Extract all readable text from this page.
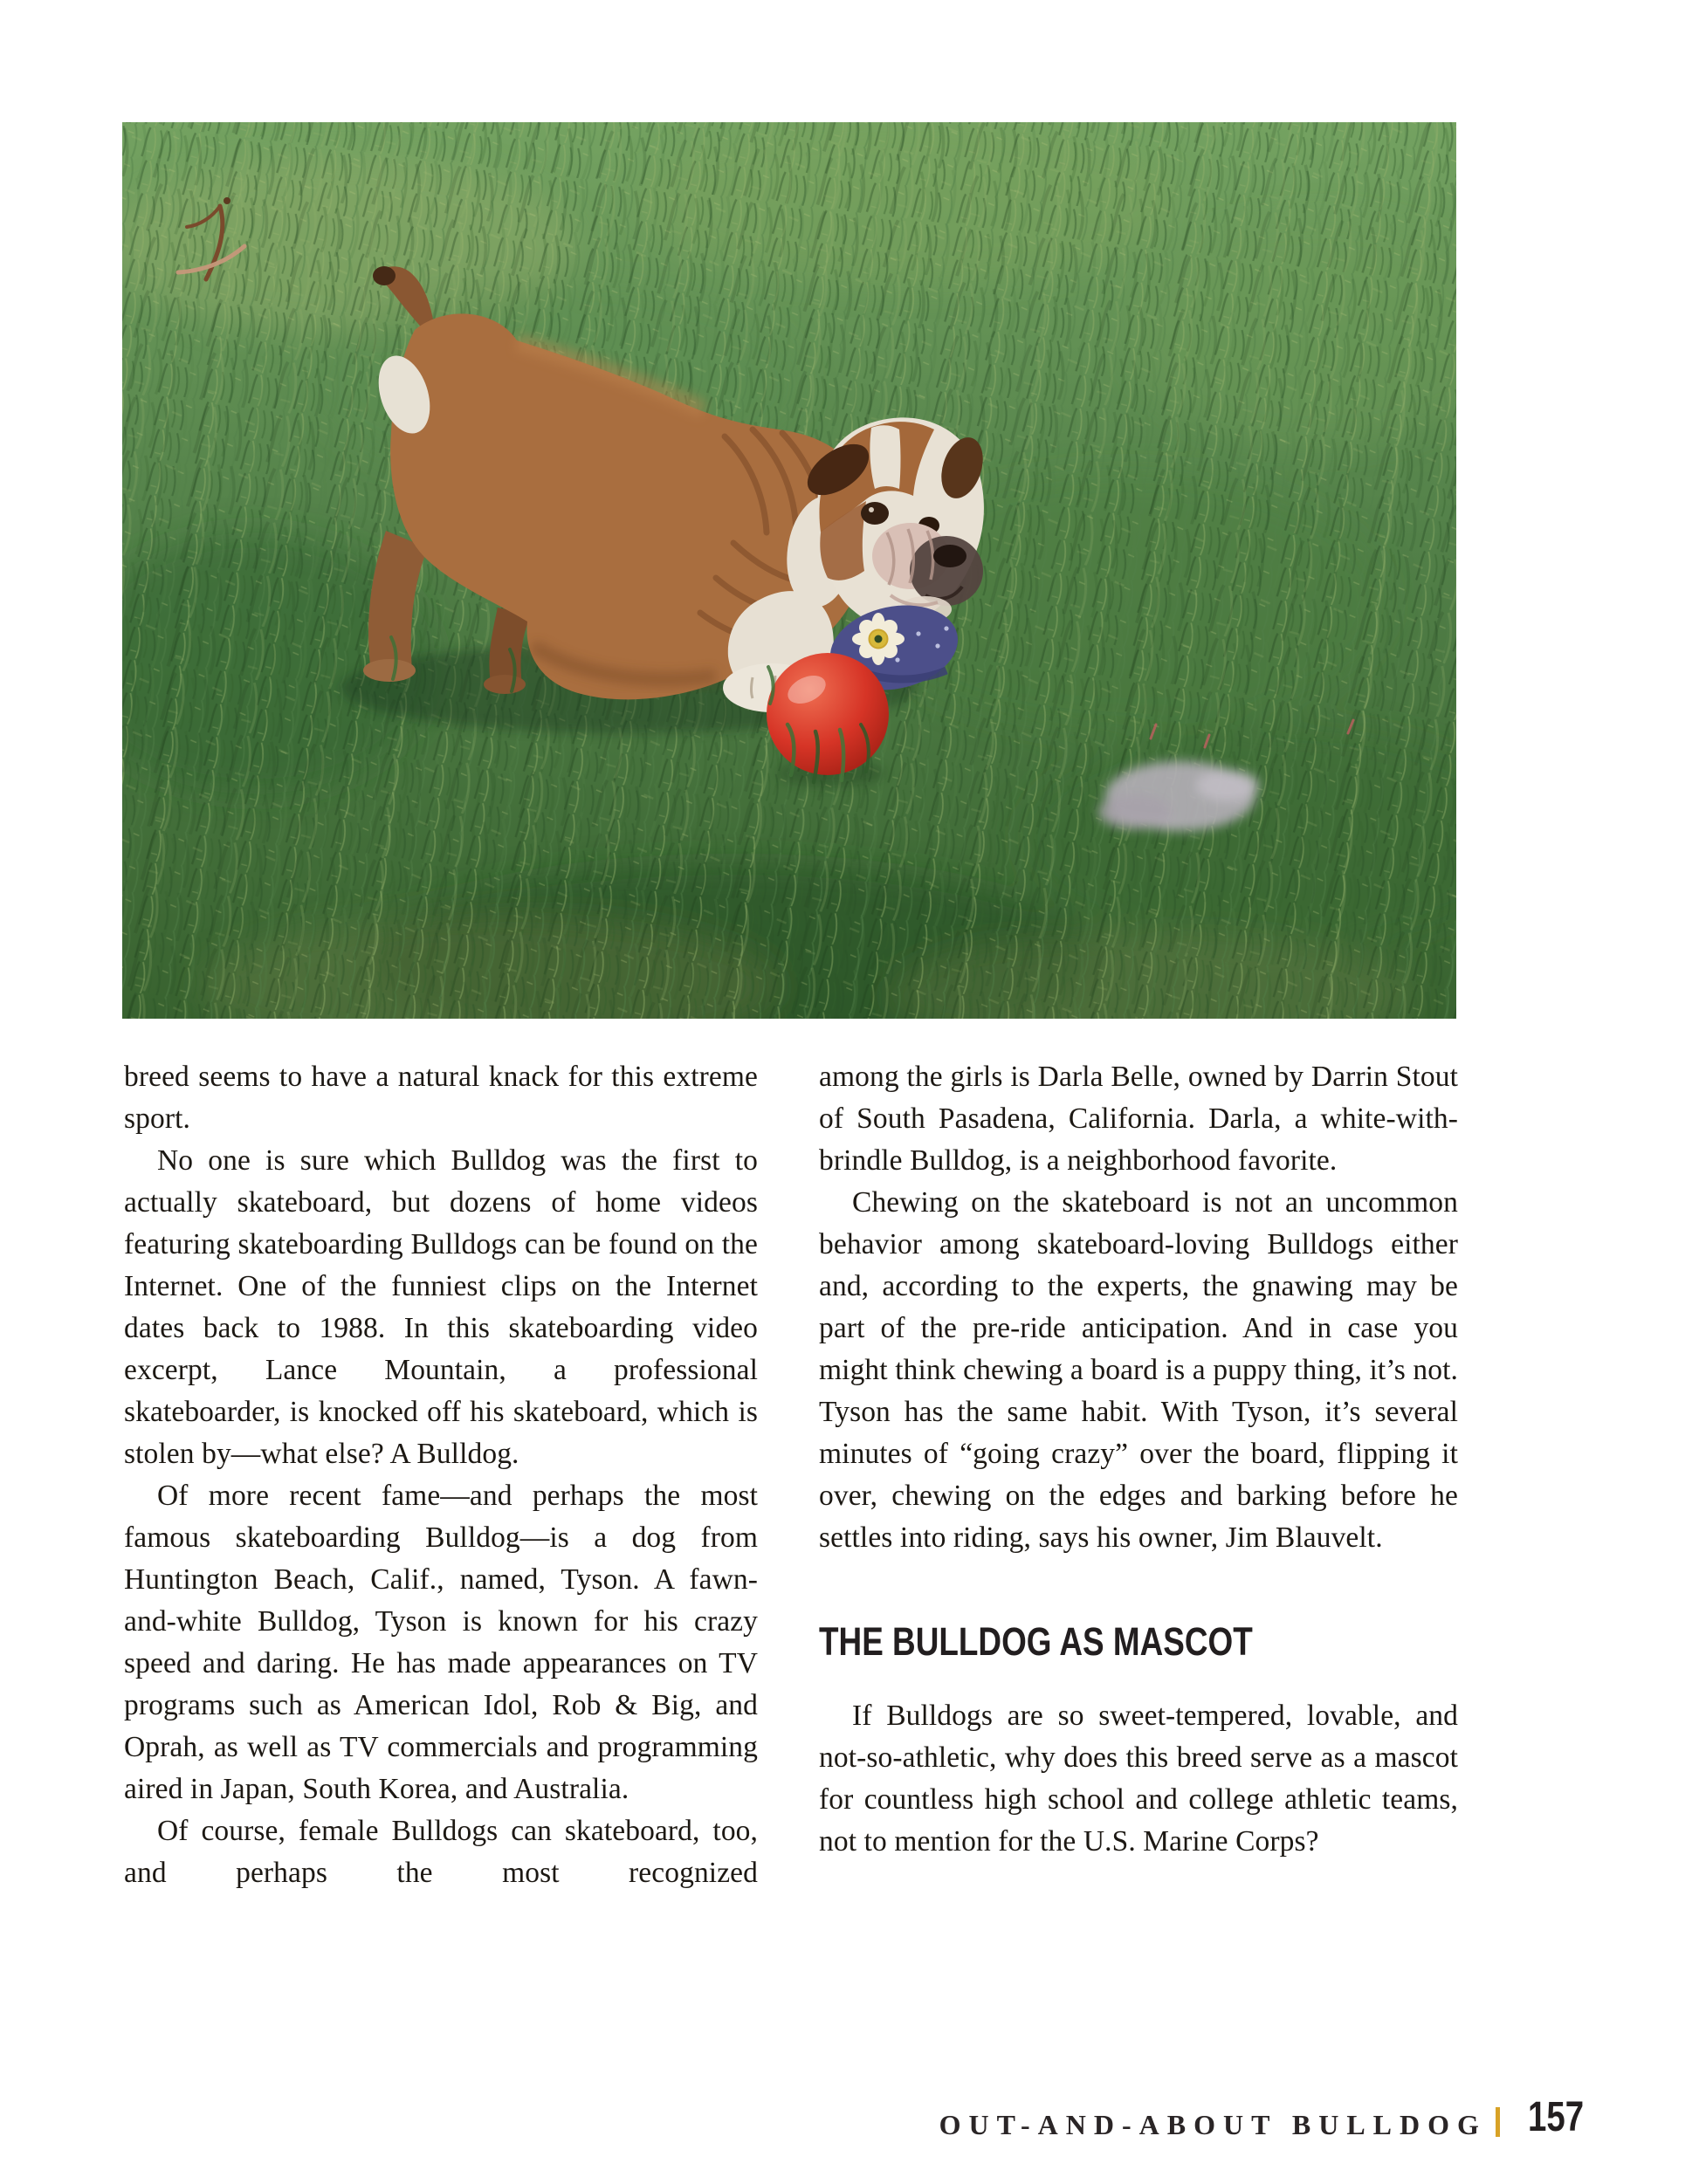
breed seems to have a natural knack for this extreme sport.

No one is sure which Bulldog was the first to actually skateboard, but dozens of home videos featuring skateboarding Bulldogs can be found on the Internet. One of the funniest clips on the Internet dates back to 1988. In this skateboarding video excerpt, Lance Mountain, a professional skateboarder, is knocked off his skateboard, which is stolen by—what else? A Bulldog.

Of more recent fame—and perhaps the most famous skateboarding Bulldog—is a dog from Huntington Beach, Calif., named, Tyson. A fawn-and-white Bulldog, Tyson is known for his crazy speed and daring. He has made appearances on TV programs such as American Idol, Rob & Big, and Oprah, as well as TV commercials and programming aired in Japan, South Korea, and Australia.

Of course, female Bulldogs can skateboard, too, and perhaps the most recognized

among the girls is Darla Belle, owned by Darrin Stout of South Pasadena, California. Darla, a white-with-brindle Bulldog, is a neighborhood favorite.

Chewing on the skateboard is not an uncommon behavior among skateboard-loving Bulldogs either and, according to the experts, the gnawing may be part of the pre-ride anticipation. And in case you might think chewing a board is a puppy thing, it’s not. Tyson has the same habit. With Tyson, it’s several minutes of “going crazy” over the board, flipping it over, chewing on the edges and barking before he settles into riding, says his owner, Jim Blauvelt.

THE BULLDOG AS MASCOT

If Bulldogs are so sweet-tempered, lovable, and not-so-athletic, why does this breed serve as a mascot for countless high school and college athletic teams, not to mention for the U.S. Marine Corps?

OUT-AND-ABOUT BULLDOG 157
